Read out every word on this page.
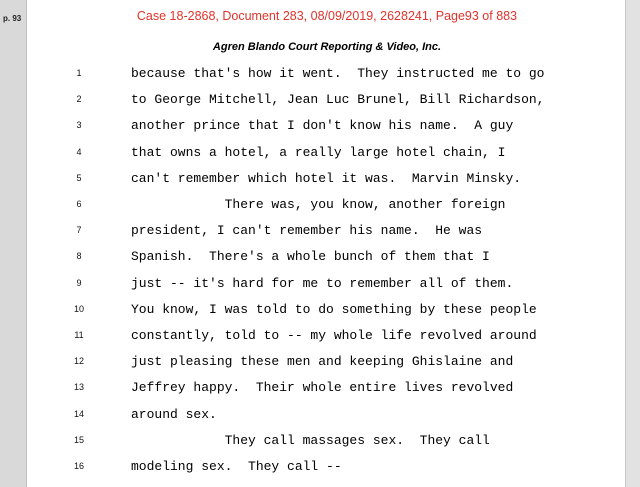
p. 93	Case 18-2868, Document 283, 08/09/2019, 2628241, Page93 of 883
Agren Blando Court Reporting & Video, Inc.
1	because that's how it went.  They instructed me to go
2	to George Mitchell, Jean Luc Brunel, Bill Richardson,
3	another prince that I don't know his name.  A guy
4	that owns a hotel, a really large hotel chain, I
5	can't remember which hotel it was.  Marvin Minsky.
6	There was, you know, another foreign
7	president, I can't remember his name.  He was
8	Spanish.  There's a whole bunch of them that I
9	just -- it's hard for me to remember all of them.
10	You know, I was told to do something by these people
11	constantly, told to -- my whole life revolved around
12	just pleasing these men and keeping Ghislaine and
13	Jeffrey happy.  Their whole entire lives revolved
14	around sex.
15	They call massages sex.  They call
16	modeling sex.  They call --
